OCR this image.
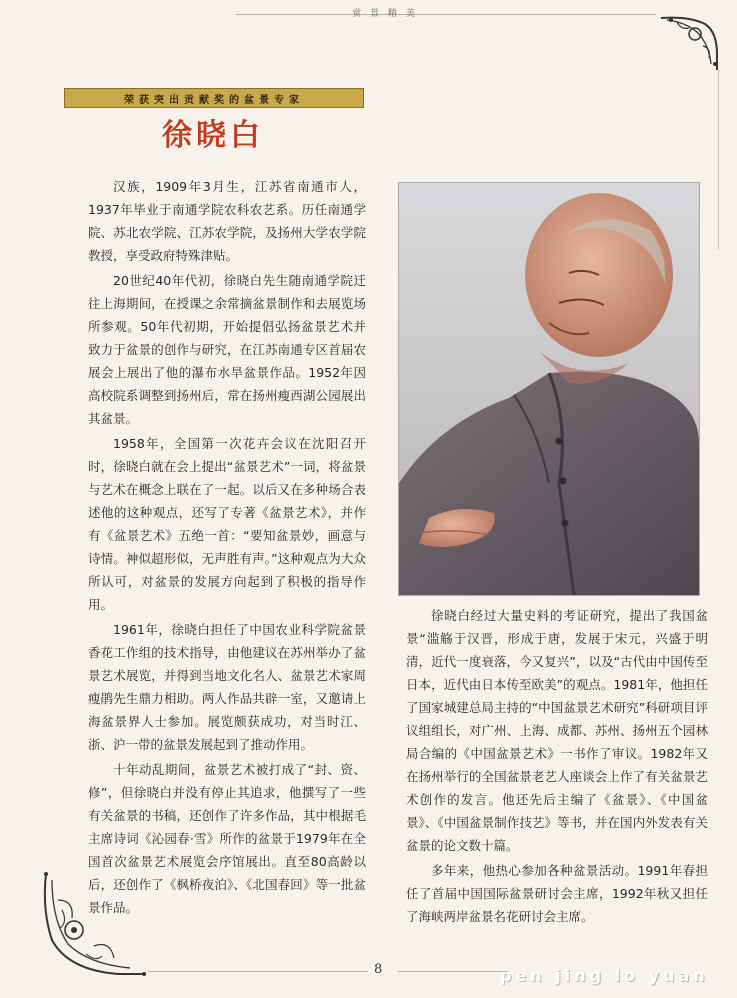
赏 景 精 美
荣获突出贡献奖的盆景专家
徐晓白

汉族，1909年3月生，江苏省南通市人，1937年毕业于南通学院农科农艺系。历任南通学院、苏北农学院、江苏农学院，及扬州大学农学院教授，享受政府特殊津贴。

20世纪40年代初，徐晓白先生随南通学院迁往上海期间，在授课之余常摘盆景制作和去展览场所参观。50年代初期，开始提倡弘扬盆景艺术并致力于盆景的创作与研究，在江苏南通专区首届农展会上展出了他的瀑布水旱盆景作品。1952年因高校院系调整到扬州后，常在扬州瘦西湖公园展出其盆景。

1958年，全国第一次花卉会议在沈阳召开时，徐晓白就在会上提出“盆景艺术”一词，将盆景与艺术在概念上联在了一起。以后又在多种场合表述他的这种观点，还写了专著《盆景艺术》，并作有《盆景艺术》五绝一首：“要知盆景妙，画意与诗情。神似超形似，无声胜有声。”这种观点为大众所认可，对盆景的发展方向起到了积极的指导作用。

1961年，徐晓白担任了中国农业科学院盆景香花工作组的技术指导，由他建议在苏州举办了盆景艺术展览，并得到当地文化名人、盆景艺术家周瘦鹃先生鼎力相助。两人作品共辟一室，又邀请上海盆景界人士参加。展览颇获成功，对当时江、浙、沪一带的盆景发展起到了推动作用。

十年动乱期间，盆景艺术被打成了“封、资、修”，但徐晓白并没有停止其追求，他撰写了一些有关盆景的书稿，还创作了许多作品，其中根据毛主席诗词《沁园春·雪》所作的盆景于1979年在全国首次盆景艺术展览会序馆展出。直至80高龄以后，还创作了《枫桥夜泊》、《北国春回》等一批盆景作品。

徐晓白经过大量史料的考证研究，提出了我国盆景“滥觞于汉晋，形成于唐，发展于宋元，兴盛于明清，近代一度衰落，今又复兴”，以及“古代由中国传至日本，近代由日本传至欧美”的观点。1981年，他担任了国家城建总局主持的“中国盆景艺术研究”科研项目评议组组长，对广州、上海、成都、苏州、扬州五个园林局合编的《中国盆景艺术》一书作了审议。1982年又在扬州举行的全国盆景老艺人座谈会上作了有关盆景艺术创作的发言。他还先后主编了《盆景》、《中国盆景》、《中国盆景制作技艺》等书，并在国内外发表有关盆景的论文数十篇。

多年来，他热心参加各种盆景活动。1991年春担任了首届中国国际盆景研讨会主席，1992年秋又担任了海峡两岸盆景名花研讨会主席。

8	pen jing lo yuan
